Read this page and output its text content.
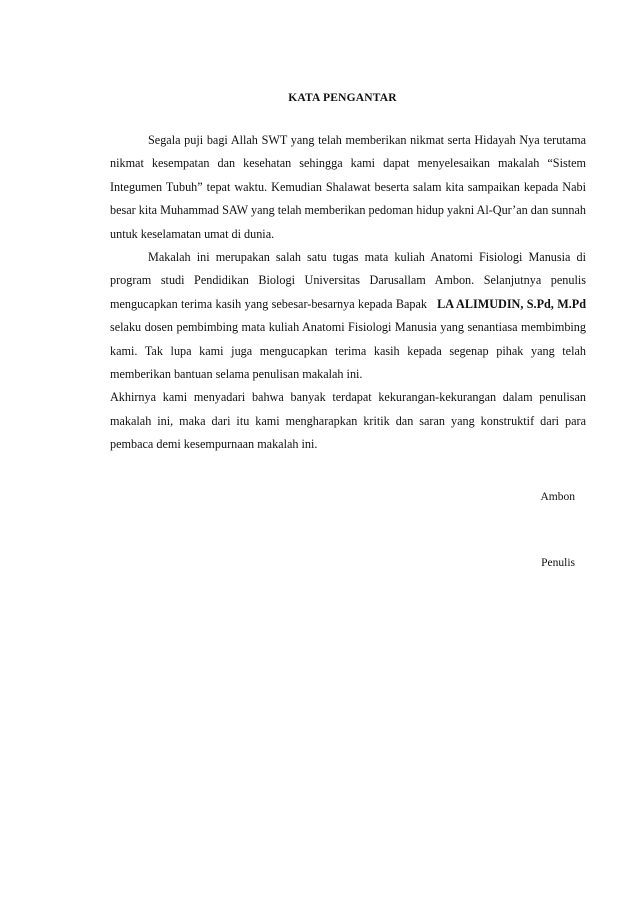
KATA PENGANTAR

Segala puji bagi Allah SWT yang telah memberikan nikmat serta Hidayah Nya terutama nikmat kesempatan dan kesehatan sehingga kami dapat menyelesaikan makalah “Sistem Integumen Tubuh” tepat waktu. Kemudian Shalawat beserta salam kita sampaikan kepada Nabi besar kita Muhammad SAW yang telah memberikan pedoman hidup yakni Al-Qur’an dan sunnah untuk keselamatan umat di dunia.

Makalah ini merupakan salah satu tugas mata kuliah Anatomi Fisiologi Manusia di program studi Pendidikan Biologi Universitas Darusallam Ambon. Selanjutnya penulis mengucapkan terima kasih yang sebesar-besarnya kepada Bapak LA ALIMUDIN, S.Pd, M.Pd selaku dosen pembimbing mata kuliah Anatomi Fisiologi Manusia yang senantiasa membimbing kami. Tak lupa kami juga mengucapkan terima kasih kepada segenap pihak yang telah memberikan bantuan selama penulisan makalah ini.

Akhirnya kami menyadari bahwa banyak terdapat kekurangan-kekurangan dalam penulisan makalah ini, maka dari itu kami mengharapkan kritik dan saran yang konstruktif dari para pembaca demi kesempurnaan makalah ini.

Ambon
Penulis
